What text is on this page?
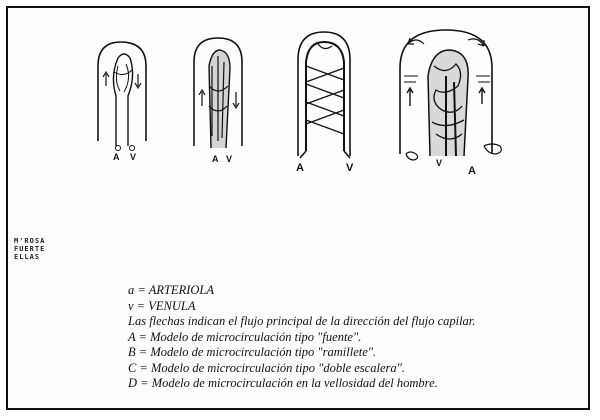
A V	A V
A	V	V
A
M'ROSA
FUERTE
ELLAS
a = ARTERIOLA
v = VENULA
Las flechas indican el flujo principal de la dirección del flujo capilar.
A = Modelo de microcirculación tipo "fuente".
B = Modelo de microcirculación tipo "ramillete".
C = Modelo de microcirculación tipo "doble escalera".
D = Modelo de microcirculación en la vellosidad del hombre.
